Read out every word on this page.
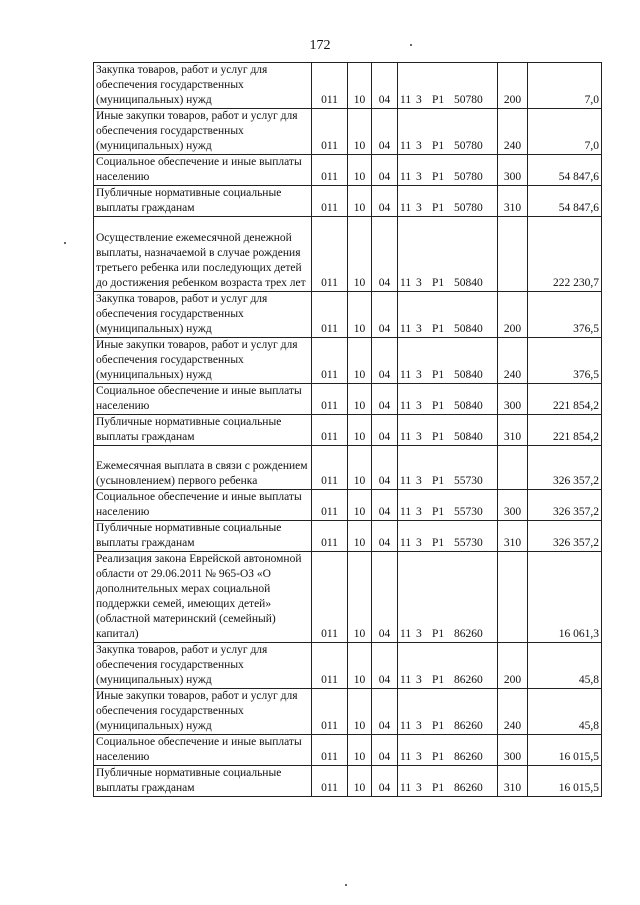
172
Закупка товаров, работ и услуг для обеспечения государственных (муниципальных) нужд	011	10	04	11 3 P1 50780	200	7,0
Иные закупки товаров, работ и услуг для обеспечения государственных (муниципальных) нужд	011	10	04	11 3 P1 50780	240	7,0
Социальное обеспечение и иные выплаты населению	011	10	04	11 3 P1 50780	300	54 847,6
Публичные нормативные социальные выплаты гражданам	011	10	04	11 3 P1 50780	310	54 847,6
Осуществление ежемесячной денежной выплаты, назначаемой в случае рождения третьего ребенка или последующих детей до достижения ребенком возраста трех лет	011	10	04	11 3 P1 50840		222 230,7
Закупка товаров, работ и услуг для обеспечения государственных (муниципальных) нужд	011	10	04	11 3 P1 50840	200	376,5
Иные закупки товаров, работ и услуг для обеспечения государственных (муниципальных) нужд	011	10	04	11 3 P1 50840	240	376,5
Социальное обеспечение и иные выплаты населению	011	10	04	11 3 P1 50840	300	221 854,2
Публичные нормативные социальные выплаты гражданам	011	10	04	11 3 P1 50840	310	221 854,2
Ежемесячная выплата в связи с рождением (усыновлением) первого ребенка	011	10	04	11 3 P1 55730		326 357,2
Социальное обеспечение и иные выплаты населению	011	10	04	11 3 P1 55730	300	326 357,2
Публичные нормативные социальные выплаты гражданам	011	10	04	11 3 P1 55730	310	326 357,2
Реализация закона Еврейской автономной области от 29.06.2011 № 965-ОЗ «О дополнительных мерах социальной поддержки семей, имеющих детей» (областной материнский (семейный) капитал)	011	10	04	11 3 P1 86260		16 061,3
Закупка товаров, работ и услуг для обеспечения государственных (муниципальных) нужд	011	10	04	11 3 P1 86260	200	45,8
Иные закупки товаров, работ и услуг для обеспечения государственных (муниципальных) нужд	011	10	04	11 3 P1 86260	240	45,8
Социальное обеспечение и иные выплаты населению	011	10	04	11 3 P1 86260	300	16 015,5
Публичные нормативные социальные выплаты гражданам	011	10	04	11 3 P1 86260	310	16 015,5
